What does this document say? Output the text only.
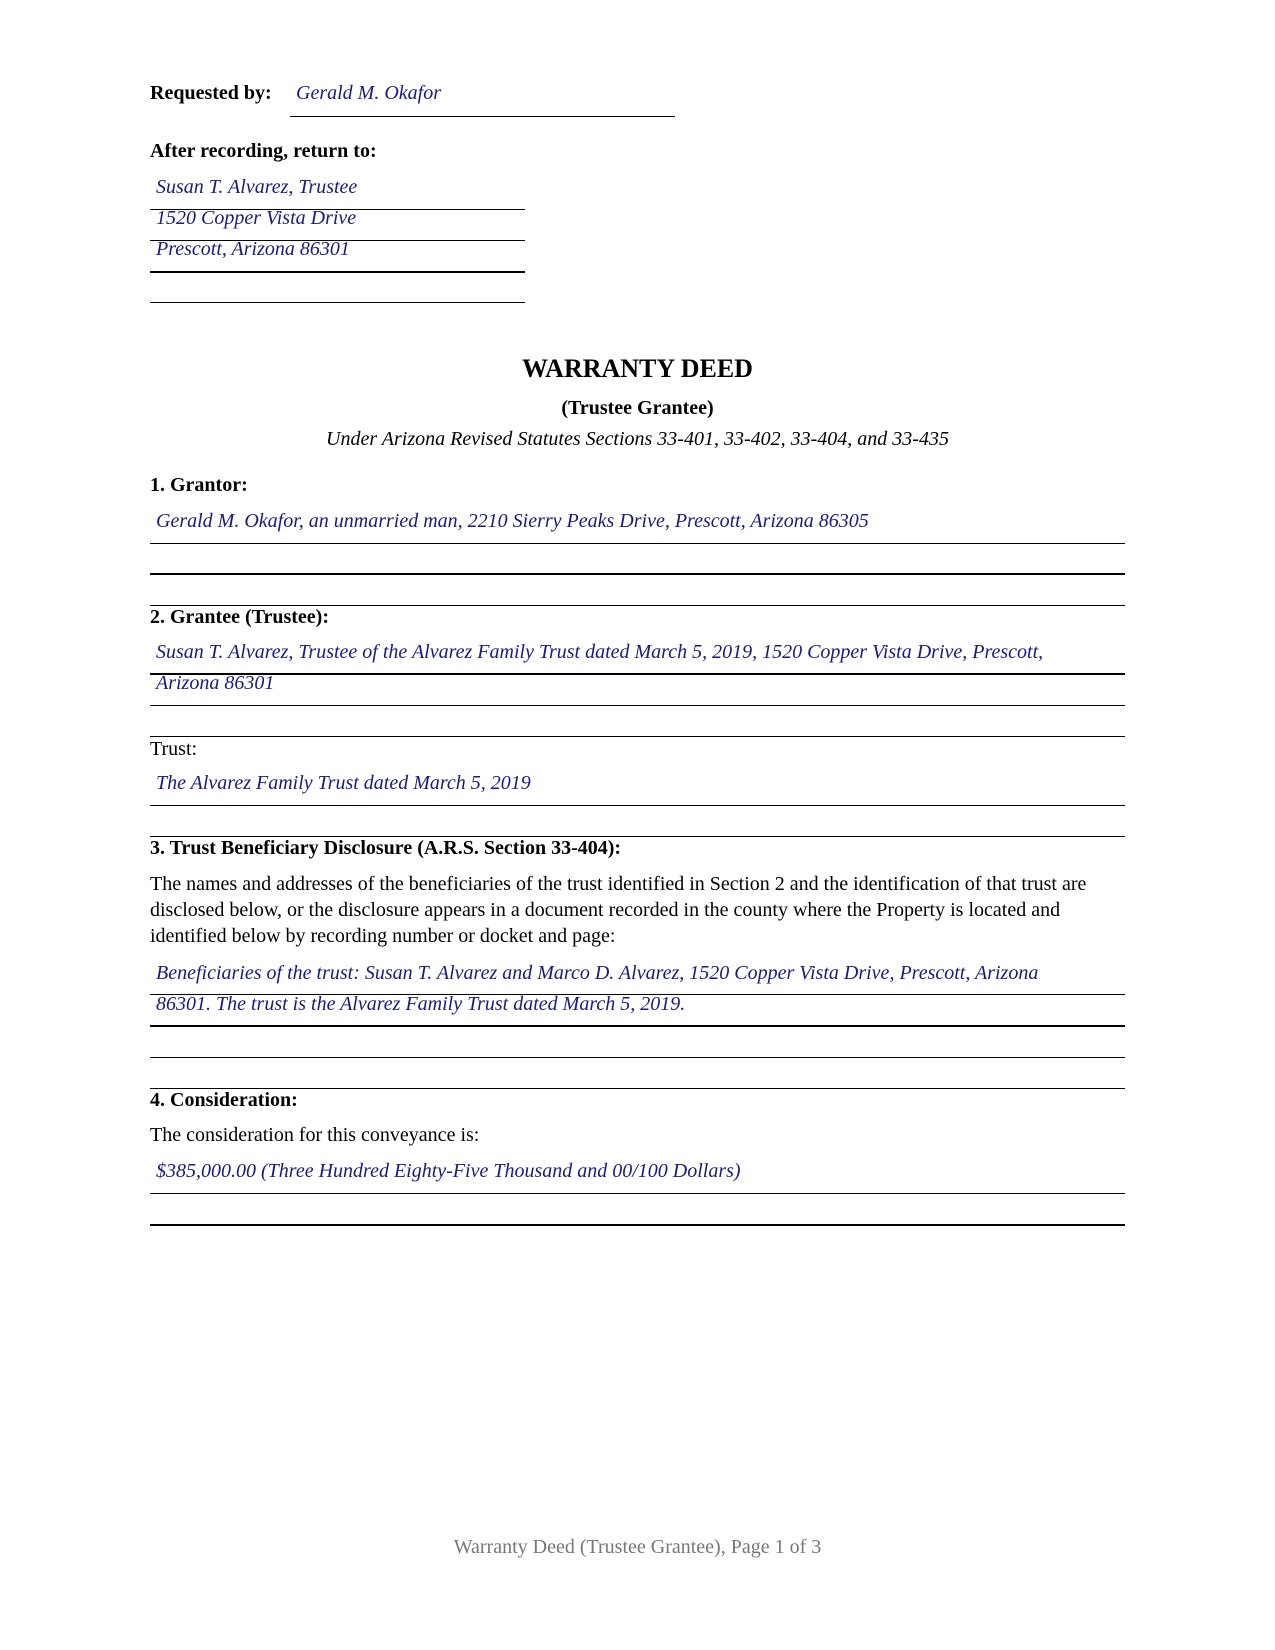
Requested by: Gerald M. Okafor
After recording, return to:
Susan T. Alvarez, Trustee
1520 Copper Vista Drive
Prescott, Arizona 86301
WARRANTY DEED
(Trustee Grantee)
Under Arizona Revised Statutes Sections 33-401, 33-402, 33-404, and 33-435
1. Grantor:
Gerald M. Okafor, an unmarried man, 2210 Sierry Peaks Drive, Prescott, Arizona 86305
2. Grantee (Trustee):
Susan T. Alvarez, Trustee of the Alvarez Family Trust dated March 5, 2019, 1520 Copper Vista Drive, Prescott,
Arizona 86301
Trust:
The Alvarez Family Trust dated March 5, 2019
3. Trust Beneficiary Disclosure (A.R.S. Section 33-404):
The names and addresses of the beneficiaries of the trust identified in Section 2 and the identification of that trust are disclosed below, or the disclosure appears in a document recorded in the county where the Property is located and identified below by recording number or docket and page:
Beneficiaries of the trust: Susan T. Alvarez and Marco D. Alvarez, 1520 Copper Vista Drive, Prescott, Arizona
86301. The trust is the Alvarez Family Trust dated March 5, 2019.
4. Consideration:
The consideration for this conveyance is:
$385,000.00 (Three Hundred Eighty-Five Thousand and 00/100 Dollars)
Warranty Deed (Trustee Grantee), Page 1 of 3
